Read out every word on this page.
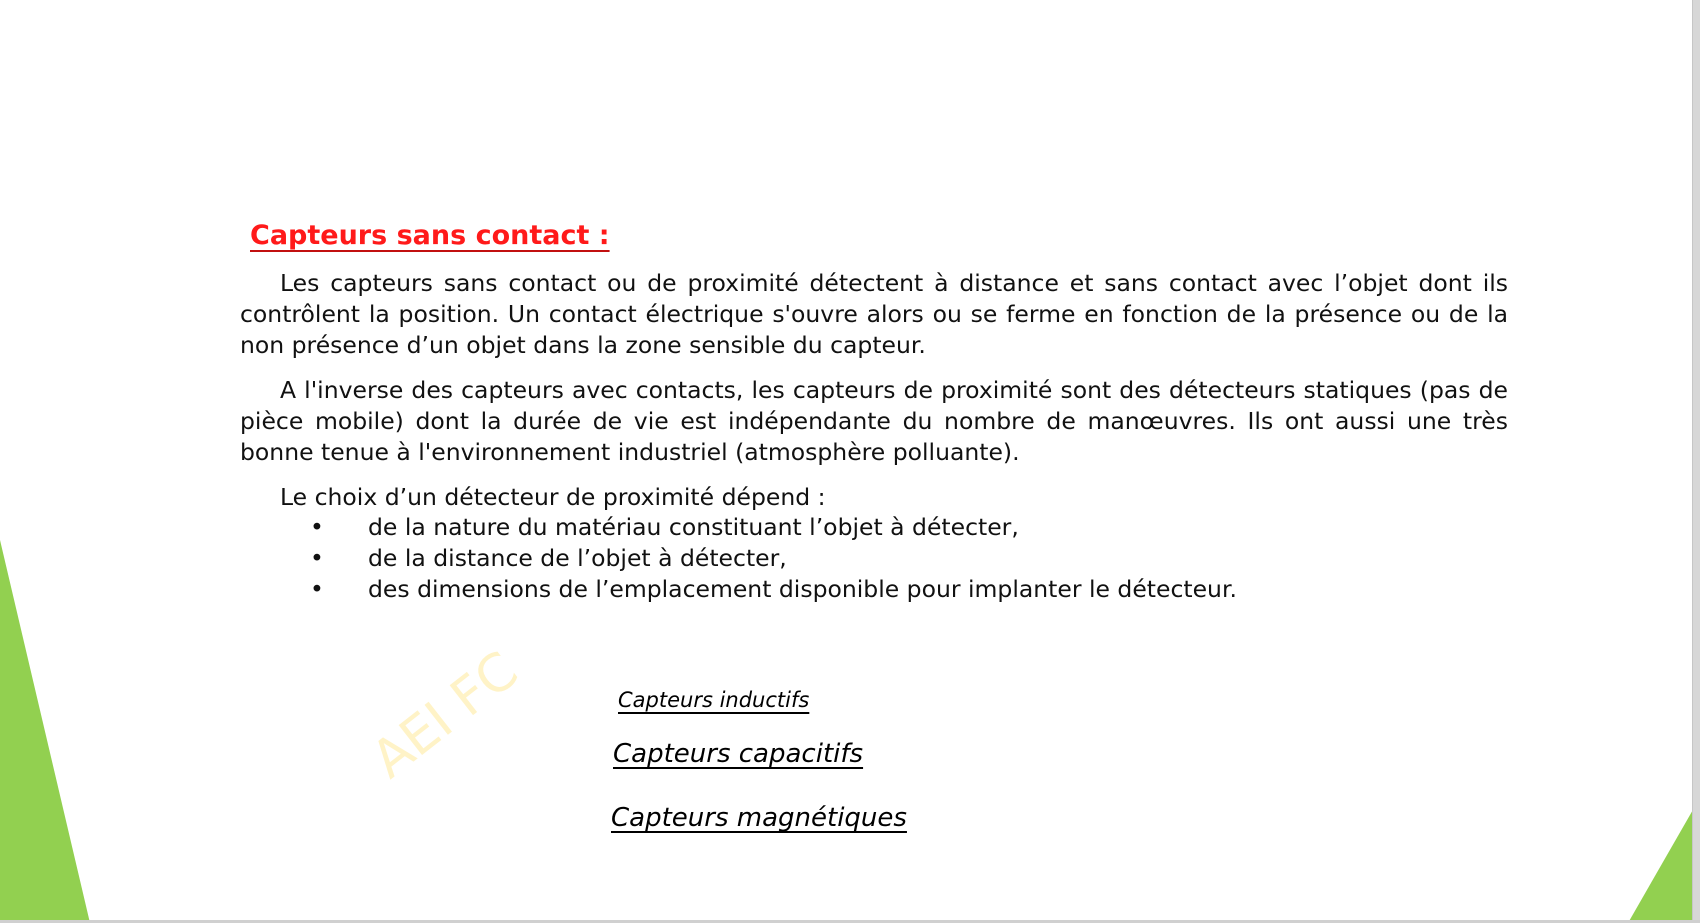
AEI FC
Capteurs sans contact :

Les capteurs sans contact ou de proximité détectent à distance et sans contact avec l’objet dont ils contrôlent la position. Un contact électrique s'ouvre alors ou se ferme en fonction de la présence ou de la non présence d’un objet dans la zone sensible du capteur.

A l'inverse des capteurs avec contacts, les capteurs de proximité sont des détecteurs statiques (pas de pièce mobile) dont la durée de vie est indépendante du nombre de manœuvres. Ils ont aussi une très bonne tenue à l'environnement industriel (atmosphère polluante).

Le choix d’un détecteur de proximité dépend :

• de la nature du matériau constituant l’objet à détecter,
• de la distance de l’objet à détecter,
• des dimensions de l’emplacement disponible pour implanter le détecteur.
Capteurs inductifs
Capteurs capacitifs
Capteurs magnétiques
